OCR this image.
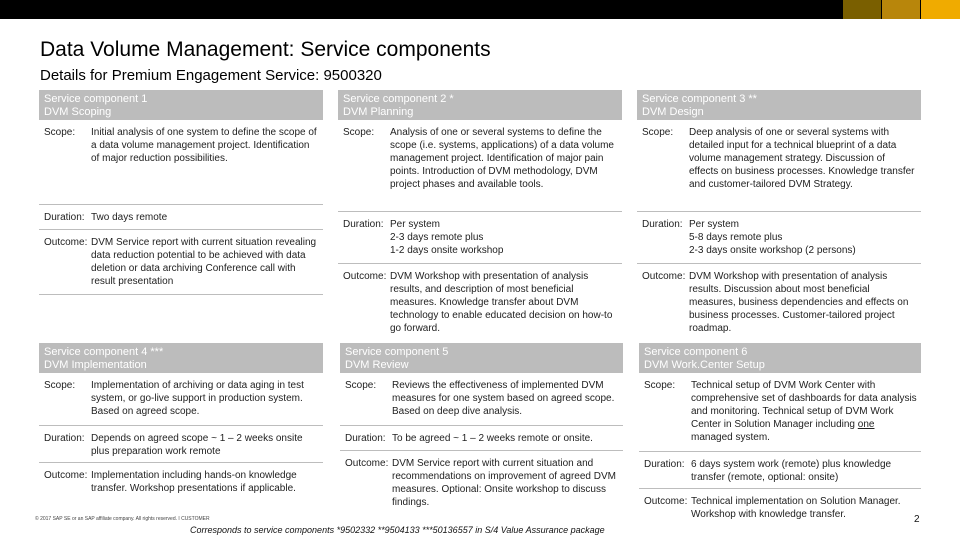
Data Volume Management: Service components
Details for Premium Engagement Service: 9500320
Service component 1
DVM Scoping
Scope:	Initial analysis of one system to define the scope of a data volume management project. Identification of major reduction possibilities.
Duration: Two days remote
Outcome: DVM Service report with current situation revealing data reduction potential to be achieved with data deletion or data archiving Conference call with result presentation
Service component 2 *
DVM Planning
Scope:	Analysis of one or several systems to define the scope (i.e. systems, applications) of a data volume management project. Identification of major pain points. Introduction of DVM methodology, DVM project phases and available tools.
Duration: Per system
2-3 days remote plus
1-2 days onsite workshop
Outcome: DVM Workshop with presentation of analysis results, and description of most beneficial measures. Knowledge transfer about DVM technology to enable educated decision on how-to go forward.
Service component 3 **
DVM Design
Scope:	Deep analysis of one or several systems with detailed input for a technical blueprint of a data volume management strategy. Discussion of effects on business processes. Knowledge transfer and customer-tailored DVM Strategy.
Duration: Per system
5-8 days remote plus
2-3 days onsite workshop (2 persons)
Outcome: DVM Workshop with presentation of analysis results. Discussion about most beneficial measures, business dependencies and effects on business processes. Customer-tailored project roadmap.
Service component 4 ***
DVM Implementation
Scope:	Implementation of archiving or data aging in test system, or go-live support in production system. Based on agreed scope.
Duration: Depends on agreed scope ~ 1 – 2 weeks onsite plus preparation work remote
Outcome: Implementation including hands-on knowledge transfer. Workshop presentations if applicable.
Service component 5
DVM Review
Scope:	Reviews the effectiveness of implemented DVM measures for one system based on agreed scope. Based on deep dive analysis.
Duration: To be agreed ~ 1 – 2 weeks remote or onsite.
Outcome: DVM Service report with current situation and recommendations on improvement of agreed DVM measures. Optional: Onsite workshop to discuss findings.
Service component 6
DVM Work.Center Setup
Scope:	Technical setup of DVM Work Center with comprehensive set of dashboards for data analysis and monitoring. Technical setup of DVM Work Center in Solution Manager including one managed system.
Duration: 6 days system work (remote) plus knowledge transfer (remote, optional: onsite)
Outcome: Technical implementation on Solution Manager. Workshop with knowledge transfer.
© 2017 SAP SE or an SAP affiliate company. All rights reserved. ǀ CUSTOMER
Corresponds to service components *9502332 **9504133 ***50136557 in S/4 Value Assurance package
2
